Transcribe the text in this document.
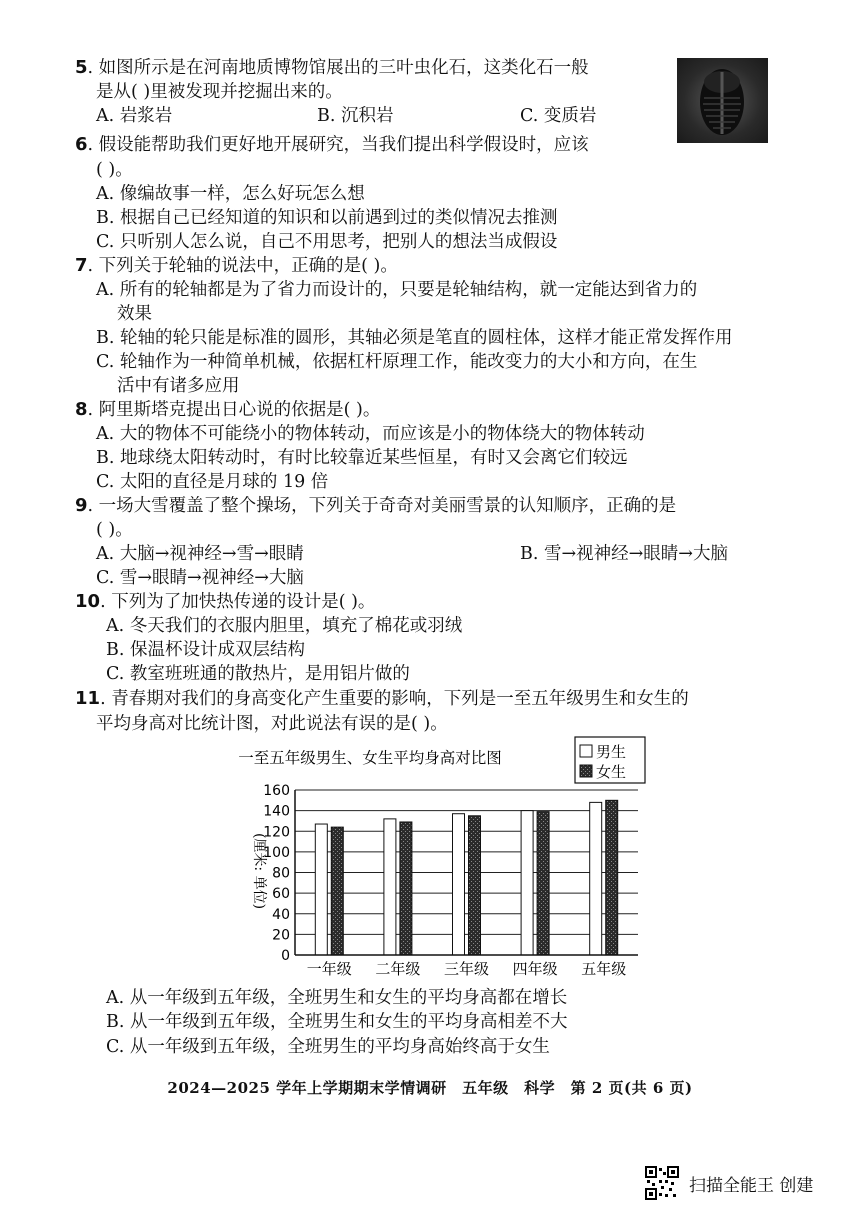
5. 如图所示是在河南地质博物馆展出的三叶虫化石，这类化石一般
是从( )里被发现并挖掘出来的。
A. 岩浆岩	B. 沉积岩	C. 变质岩
6. 假设能帮助我们更好地开展研究，当我们提出科学假设时，应该
( )。
A. 像编故事一样，怎么好玩怎么想
B. 根据自己已经知道的知识和以前遇到过的类似情况去推测
C. 只听别人怎么说，自己不用思考，把别人的想法当成假设
7. 下列关于轮轴的说法中，正确的是( )。
A. 所有的轮轴都是为了省力而设计的，只要是轮轴结构，就一定能达到省力的
效果
B. 轮轴的轮只能是标准的圆形，其轴必须是笔直的圆柱体，这样才能正常发挥作用
C. 轮轴作为一种简单机械，依据杠杆原理工作，能改变力的大小和方向，在生
活中有诸多应用
8. 阿里斯塔克提出日心说的依据是( )。
A. 大的物体不可能绕小的物体转动，而应该是小的物体绕大的物体转动
B. 地球绕太阳转动时，有时比较靠近某些恒星，有时又会离它们较远
C. 太阳的直径是月球的 19 倍
9. 一场大雪覆盖了整个操场，下列关于奇奇对美丽雪景的认知顺序，正确的是
( )。
A. 大脑→视神经→雪→眼睛	B. 雪→视神经→眼睛→大脑
C. 雪→眼睛→视神经→大脑
10. 下列为了加快热传递的设计是( )。
A. 冬天我们的衣服内胆里，填充了棉花或羽绒
B. 保温杯设计成双层结构
C. 教室班班通的散热片，是用铝片做的
11. 青春期对我们的身高变化产生重要的影响，下列是一至五年级男生和女生的
平均身高对比统计图，对此说法有误的是( )。
一至五年级男生、女生平均身高对比图	男生
女生
(厘米: 单位)
0
20
40
60
80
100
120
140
160
一年级 二年级 三年级 四年级 五年级
A. 从一年级到五年级，全班男生和女生的平均身高都在增长
B. 从一年级到五年级，全班男生和女生的平均身高相差不大
C. 从一年级到五年级，全班男生的平均身高始终高于女生
2024—2025 学年上学期期末学情调研　五年级　科学　第 2 页(共 6 页)
扫描全能王 创建
